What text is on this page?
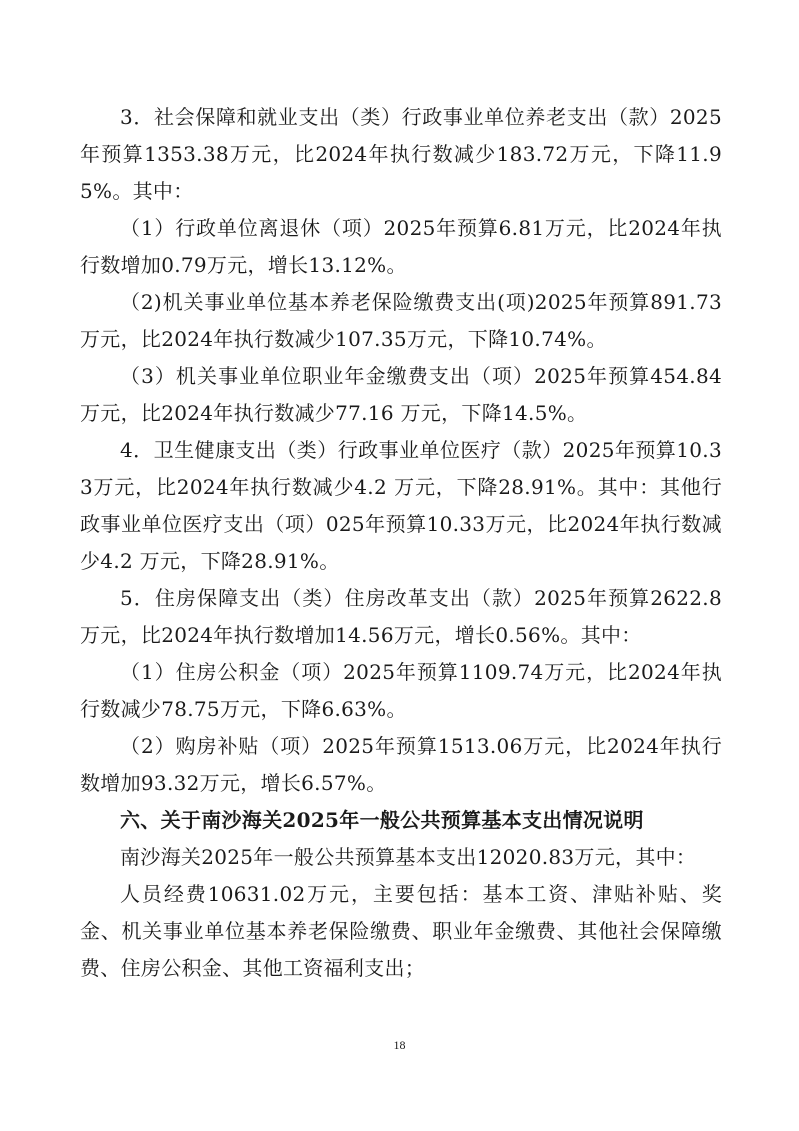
3．社会保障和就业支出（类）行政事业单位养老支出（款）2025年预算1353.38万元，比2024年执行数减少183.72万元，下降11.95%。其中：

（1）行政单位离退休（项）2025年预算6.81万元，比2024年执行数增加0.79万元，增长13.12%。

（2)机关事业单位基本养老保险缴费支出(项)2025年预算891.73万元，比2024年执行数减少107.35万元，下降10.74%。

（3）机关事业单位职业年金缴费支出（项）2025年预算454.84万元，比2024年执行数减少77.16 万元，下降14.5%。

4．卫生健康支出（类）行政事业单位医疗（款）2025年预算10.33万元，比2024年执行数减少4.2 万元，下降28.91%。其中：其他行政事业单位医疗支出（项）025年预算10.33万元，比2024年执行数减少4.2 万元，下降28.91%。

5．住房保障支出（类）住房改革支出（款）2025年预算2622.8万元，比2024年执行数增加14.56万元，增长0.56%。其中：

（1）住房公积金（项）2025年预算1109.74万元，比2024年执行数减少78.75万元，下降6.63%。

（2）购房补贴（项）2025年预算1513.06万元，比2024年执行数增加93.32万元，增长6.57%。

六、关于南沙海关2025年一般公共预算基本支出情况说明

南沙海关2025年一般公共预算基本支出12020.83万元，其中：

人员经费10631.02万元，主要包括：基本工资、津贴补贴、奖金、机关事业单位基本养老保险缴费、职业年金缴费、其他社会保障缴费、住房公积金、其他工资福利支出；

18
